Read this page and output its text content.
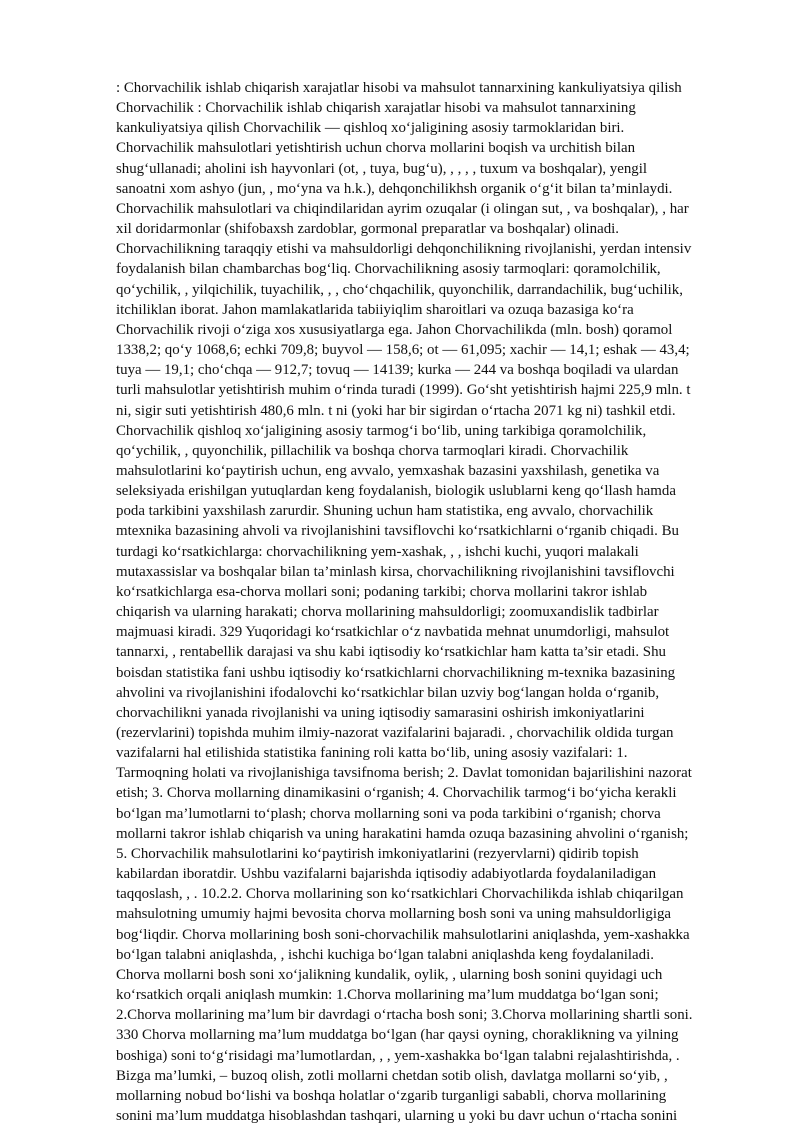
: Chorvachilik ishlab chiqarish xarajatlar hisobi va mahsulot tannarxining kankuliyatsiya qilish
Chorvachilik : Chorvachilik ishlab chiqarish xarajatlar hisobi va mahsulot tannarxining
kankuliyatsiya qilish Chorvachilik — qishloq xo‘jaligining asosiy tarmoklaridan biri.
Chorvachilik mahsulotlari yetishtirish uchun chorva mollarini boqish va urchitish bilan
shug‘ullanadi; aholini ish hayvonlari (ot, , tuya, bug‘u), , , , , tuxum va boshqalar), yengil
sanoatni xom ashyo (jun, , mo‘yna va h.k.), dehqonchilikhsh organik o‘g‘it bilan ta’minlaydi.
Chorvachilik mahsulotlari va chiqindilaridan ayrim ozuqalar (i olingan sut, , va boshqalar), , har
xil doridarmonlar (shifobaxsh zardoblar, gormonal preparatlar va boshqalar) olinadi.
Chorvachilikning taraqqiy etishi va mahsuldorligi dehqonchilikning rivojlanishi, yerdan intensiv
foydalanish bilan chambarchas bog‘liq. Chorvachilikning asosiy tarmoqlari: qoramolchilik,
qo‘ychilik, , yilqichilik, tuyachilik, , , cho‘chqachilik, quyonchilik, darrandachilik, bug‘uchilik,
itchiliklan iborat. Jahon mamlakatlarida tabiiyiqlim sharoitlari va ozuqa bazasiga ko‘ra
Chorvachilik rivoji o‘ziga xos xususiyatlarga ega. Jahon Chorvachilikda (mln. bosh) qoramol
1338,2; qo‘y 1068,6; echki 709,8; buyvol — 158,6; ot — 61,095; xachir — 14,1; eshak — 43,4;
tuya — 19,1; cho‘chqa — 912,7; tovuq — 14139; kurka — 244 va boshqa boqiladi va ulardan
turli mahsulotlar yetishtirish muhim o‘rinda turadi (1999). Go‘sht yetishtirish hajmi 225,9 mln. t
ni, sigir suti yetishtirish 480,6 mln. t ni (yoki har bir sigirdan o‘rtacha 2071 kg ni) tashkil etdi.
Chorvachilik qishloq xo‘jaligining asosiy tarmog‘i bo‘lib, uning tarkibiga qoramolchilik,
qo‘ychilik, , quyonchilik, pillachilik va boshqa chorva tarmoqlari kiradi. Chorvachilik
mahsulotlarini ko‘paytirish uchun, eng avvalo, yemxashak bazasini yaxshilash, genetika va
seleksiyada erishilgan yutuqlardan keng foydalanish, biologik uslublarni keng qo‘llash hamda
poda tarkibini yaxshilash zarurdir. Shuning uchun ham statistika, eng avvalo, chorvachilik
mtexnika bazasining ahvoli va rivojlanishini tavsiflovchi ko‘rsatkichlarni o‘rganib chiqadi. Bu
turdagi ko‘rsatkichlarga: chorvachilikning yem-xashak, , , ishchi kuchi, yuqori malakali
mutaxassislar va boshqalar bilan ta’minlash kirsa, chorvachilikning rivojlanishini tavsiflovchi
ko‘rsatkichlarga esa-chorva mollari soni; podaning tarkibi; chorva mollarini takror ishlab
chiqarish va ularning harakati; chorva mollarining mahsuldorligi; zoomuxandislik tadbirlar
majmuasi kiradi. 329 Yuqoridagi ko‘rsatkichlar o‘z navbatida mehnat unumdorligi, mahsulot
tannarxi, , rentabellik darajasi va shu kabi iqtisodiy ko‘rsatkichlar ham katta ta’sir etadi. Shu
boisdan statistika fani ushbu iqtisodiy ko‘rsatkichlarni chorvachilikning m-texnika bazasining
ahvolini va rivojlanishini ifodalovchi ko‘rsatkichlar bilan uzviy bog‘langan holda o‘rganib,
chorvachilikni yanada rivojlanishi va uning iqtisodiy samarasini oshirish imkoniyatlarini
(rezervlarini) topishda muhim ilmiy-nazorat vazifalarini bajaradi. , chorvachilik oldida turgan
vazifalarni hal etilishida statistika fanining roli katta bo‘lib, uning asosiy vazifalari: 1.
Tarmoqning holati va rivojlanishiga tavsifnoma berish; 2. Davlat tomonidan bajarilishini nazorat
etish; 3. Chorva mollarning dinamikasini o‘rganish; 4. Chorvachilik tarmog‘i bo‘yicha kerakli
bo‘lgan ma’lumotlarni to‘plash; chorva mollarning soni va poda tarkibini o‘rganish; chorva
mollarni takror ishlab chiqarish va uning harakatini hamda ozuqa bazasining ahvolini o‘rganish;
5. Chorvachilik mahsulotlarini ko‘paytirish imkoniyatlarini (rezyervlarni) qidirib topish
kabilardan iboratdir. Ushbu vazifalarni bajarishda iqtisodiy adabiyotlarda foydalaniladigan
taqqoslash, , . 10.2.2. Chorva mollarining son ko‘rsatkichlari Chorvachilikda ishlab chiqarilgan
mahsulotning umumiy hajmi bevosita chorva mollarning bosh soni va uning mahsuldorligiga
bog‘liqdir. Chorva mollarining bosh soni-chorvachilik mahsulotlarini aniqlashda, yem-xashakka
bo‘lgan talabni aniqlashda, , ishchi kuchiga bo‘lgan talabni aniqlashda keng foydalaniladi.
Chorva mollarni bosh soni xo‘jalikning kundalik, oylik, , ularning bosh sonini quyidagi uch
ko‘rsatkich orqali aniqlash mumkin: 1.Chorva mollarining ma’lum muddatga bo‘lgan soni;
2.Chorva mollarining ma’lum bir davrdagi o‘rtacha bosh soni; 3.Chorva mollarining shartli soni.
330 Chorva mollarning ma’lum muddatga bo‘lgan (har qaysi oyning, choraklikning va yilning
boshiga) soni to‘g‘risidagi ma’lumotlardan, , , yem-xashakka bo‘lgan talabni rejalashtirishda, .
Bizga ma’lumki, – buzoq olish, zotli mollarni chetdan sotib olish, davlatga mollarni so‘yib, ,
mollarning nobud bo‘lishi va boshqa holatlar o‘zgarib turganligi sababli, chorva mollarining
sonini ma’lum muddatga hisoblashdan tashqari, ularning u yoki bu davr uchun o‘rtacha sonini
